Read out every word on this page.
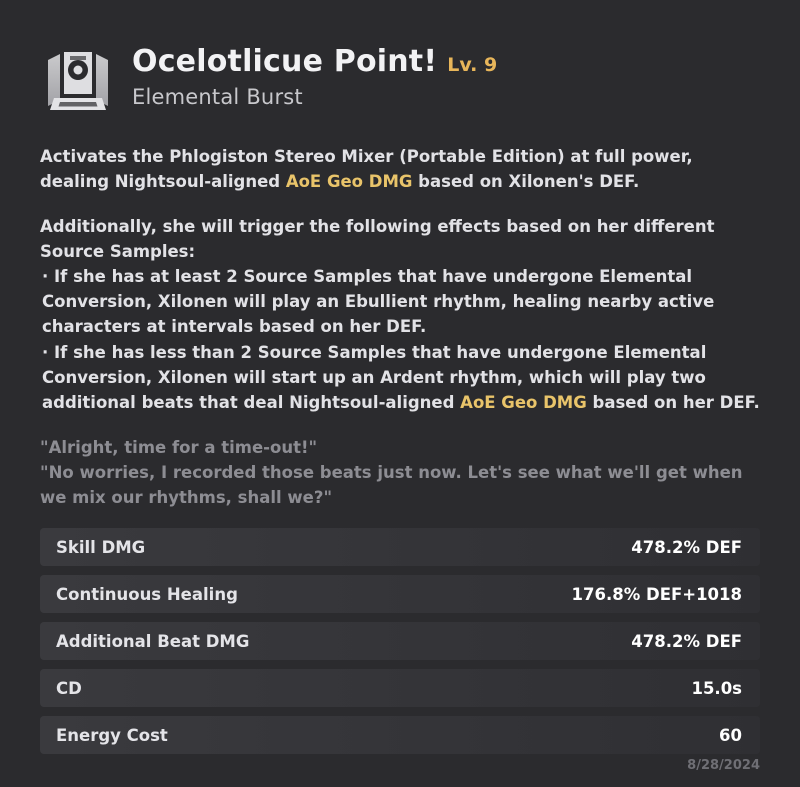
Ocelotlicue Point! Lv. 9
Elemental Burst

Activates the Phlogiston Stereo Mixer (Portable Edition) at full power, dealing Nightsoul-aligned AoE Geo DMG based on Xilonen's DEF.

Additionally, she will trigger the following effects based on her different Source Samples:

· If she has at least 2 Source Samples that have undergone Elemental Conversion, Xilonen will play an Ebullient rhythm, healing nearby active characters at intervals based on her DEF.
· If she has less than 2 Source Samples that have undergone Elemental Conversion, Xilonen will start up an Ardent rhythm, which will play two additional beats that deal Nightsoul-aligned AoE Geo DMG based on her DEF.

"Alright, time for a time-out!"

"No worries, I recorded those beats just now. Let's see what we'll get when we mix our rhythms, shall we?"

Skill DMG	478.2% DEF
Continuous Healing	176.8% DEF+1018
Additional Beat DMG	478.2% DEF
CD	15.0s
Energy Cost	60
8/28/2024
